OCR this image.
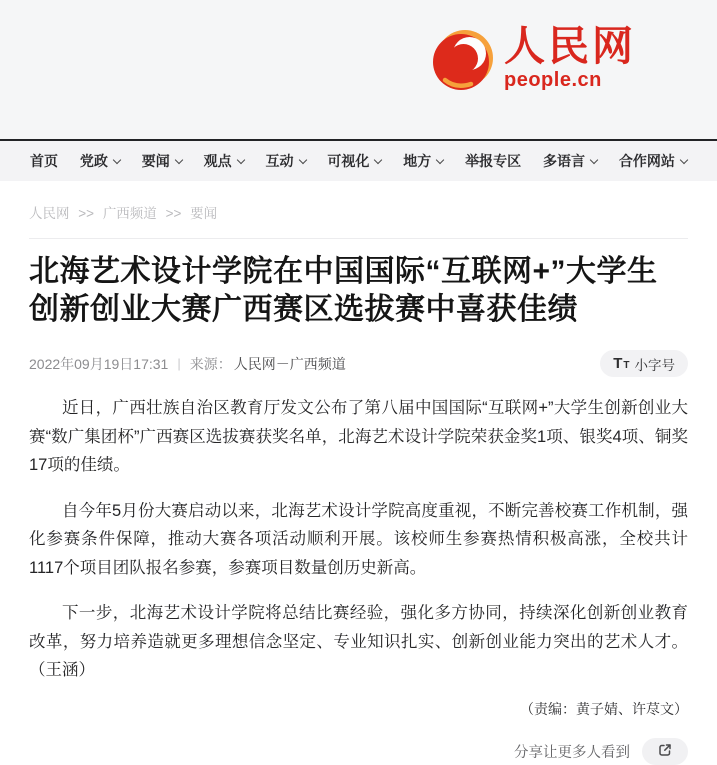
人民网
people.cn
首页 党政 要闻 观点 互动 可视化 地方 举报专区 多语言 合作网站
人民网 >> 广西频道 >> 要闻
北海艺术设计学院在中国国际“互联网+”大学生创新创业大赛广西赛区选拔赛中喜获佳绩
2022年09月19日17:31 | 来源： 人民网－广西频道	T T 小字号

近日，广西壮族自治区教育厅发文公布了第八届中国国际“互联网+”大学生创新创业大赛“数广集团杯”广西赛区选拔赛获奖名单，北海艺术设计学院荣获金奖1项、银奖4项、铜奖17项的佳绩。

自今年5月份大赛启动以来，北海艺术设计学院高度重视，不断完善校赛工作机制，强化参赛条件保障，推动大赛各项活动顺利开展。该校师生参赛热情积极高涨，全校共计1117个项目团队报名参赛，参赛项目数量创历史新高。

下一步，北海艺术设计学院将总结比赛经验，强化多方协同，持续深化创新创业教育改革，努力培养造就更多理想信念坚定、专业知识扎实、创新创业能力突出的艺术人才。（王涵）

（责编：黄子婧、许荩文）
分享让更多人看到
